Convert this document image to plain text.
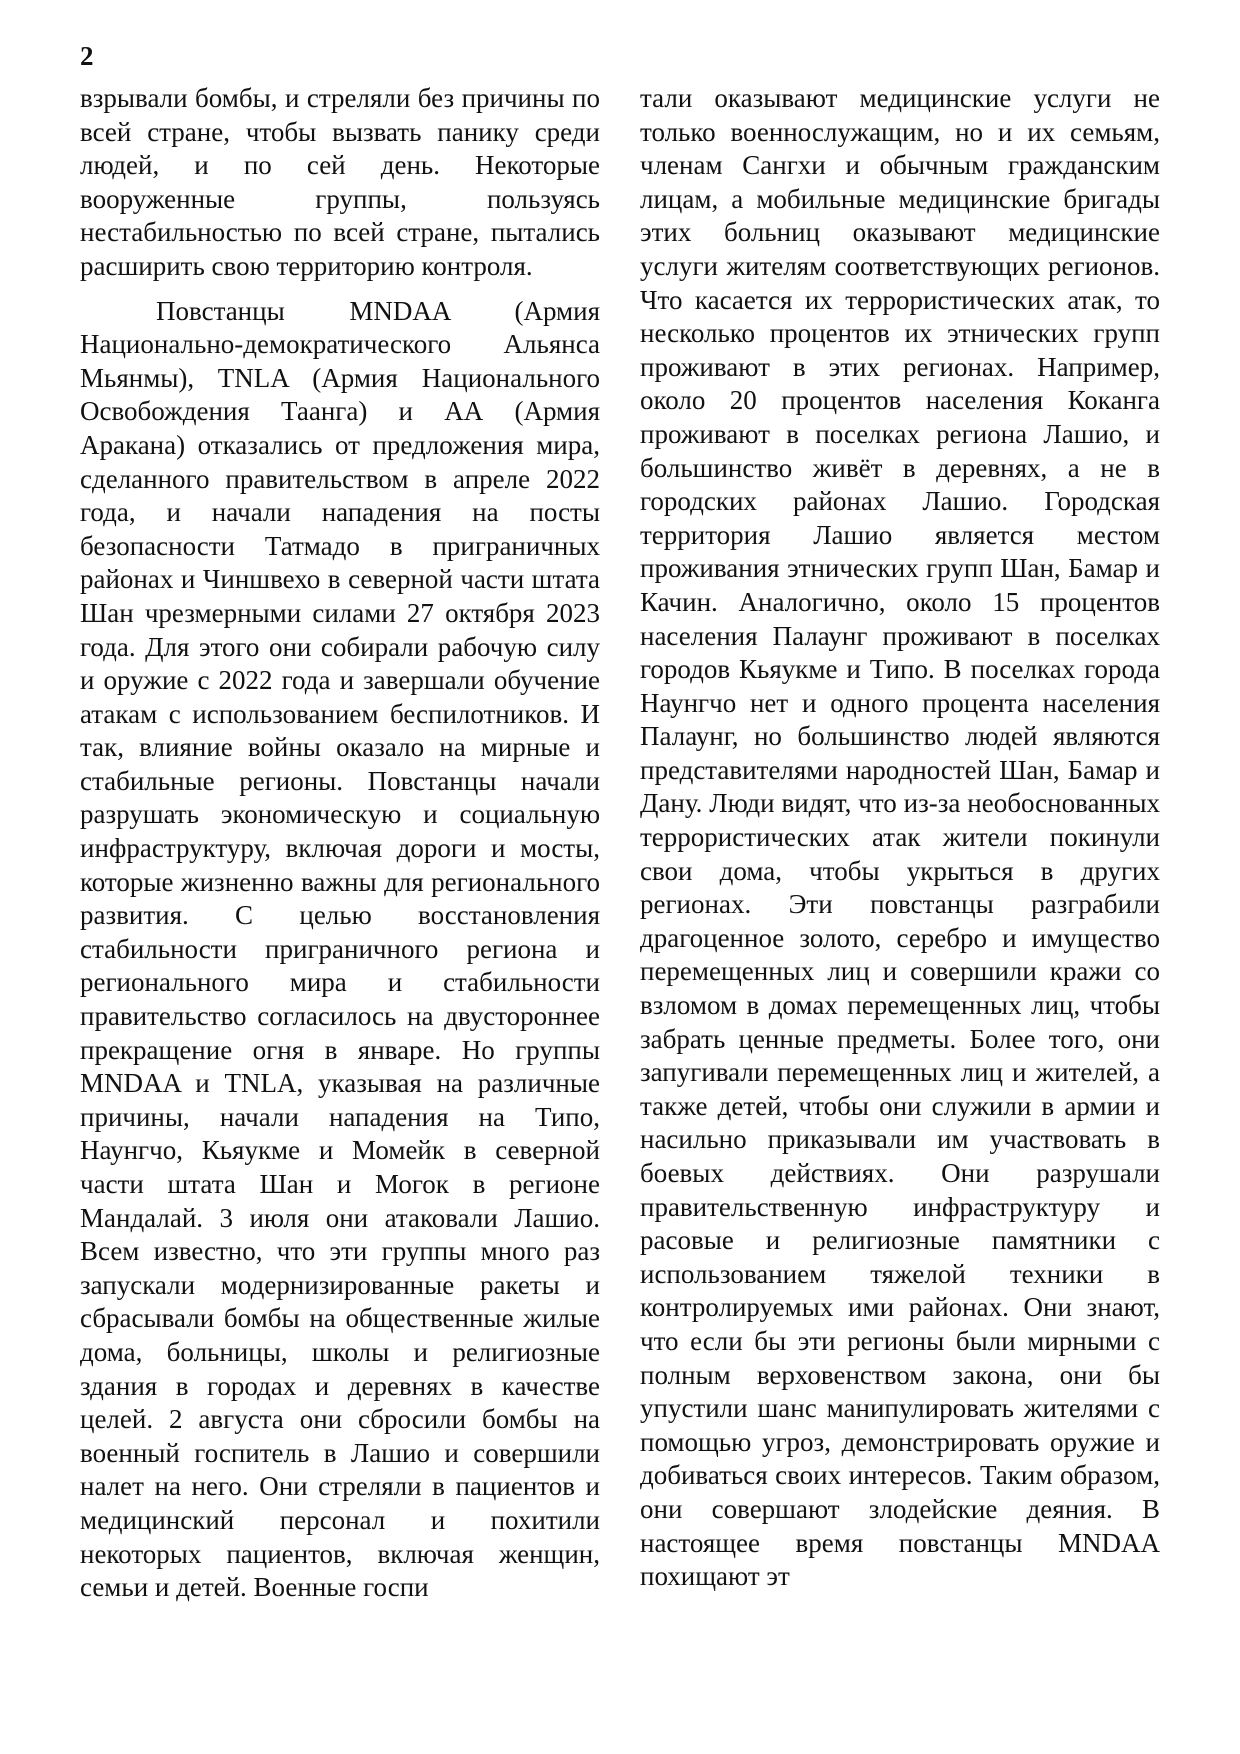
2

взрывали бомбы, и стреляли без причины по всей стране, чтобы вызвать панику среди людей, и по сей день. Некоторые вооруженные группы, пользуясь нестабильностью по всей стране, пытались расширить свою территорию контроля.

Повстанцы MNDAA (Армия Национально-демократического Альянса Мьянмы), TNLA (Армия Национального Освобождения Таанга) и АА (Армия Аракана) отказались от предложения мира, сделанного правительством в апреле 2022 года, и начали нападения на посты безопасности Татмадо в приграничных районах и Чиншвехо в северной части штата Шан чрезмерными силами 27 октября 2023 года. Для этого они собирали рабочую силу и оружие с 2022 года и завершали обучение атакам с использованием беспилотников. И так, влияние войны оказало на мирные и стабильные регионы. Повстанцы начали разрушать экономическую и социальную инфраструктуру, включая дороги и мосты, которые жизненно важны для регионального развития. С целью восстановления стабильности приграничного региона и регионального мира и стабильности правительство согласилось на двустороннее прекращение огня в январе. Но группы MNDAA и TNLA, указывая на различные причины, начали нападения на Типо, Наунгчо, Кьяукме и Момейк в северной части штата Шан и Могок в регионе Мандалай. 3 июля они атаковали Лашио. Всем известно, что эти группы много раз запускали модернизированные ракеты и сбрасывали бомбы на общественные жилые дома, больницы, школы и религиозные здания в городах и деревнях в качестве целей. 2 августа они сбросили бомбы на военный госпитель в Лашио и совершили налет на него. Они стреляли в пациентов и медицинский персонал и похитили некоторых пациентов, включая женщин, семьи и детей. Военные госпи

тали оказывают медицинские услуги не только военнослужащим, но и их семьям, членам Сангхи и обычным гражданским лицам, а мобильные медицинские бригады этих больниц оказывают медицинские услуги жителям соответствующих регионов. Что касается их террористических атак, то несколько процентов их этнических групп проживают в этих регионах. Например, около 20 процентов населения Коканга проживают в поселках региона Лашио, и большинство живёт в деревнях, а не в городских районах Лашио. Городская территория Лашио является местом проживания этнических групп Шан, Бамар и Качин. Аналогично, около 15 процентов населения Палаунг проживают в поселках городов Кьяукме и Типо. В поселках города Наунгчо нет и одного процента населения Палаунг, но большинство людей являются представителями народностей Шан, Бамар и Дану. Люди видят, что из-за необоснованных террористических атак жители покинули свои дома, чтобы укрыться в других регионах. Эти повстанцы разграбили драгоценное золото, серебро и имущество перемещенных лиц и совершили кражи со взломом в домах перемещенных лиц, чтобы забрать ценные предметы. Более того, они запугивали перемещенных лиц и жителей, а также детей, чтобы они служили в армии и насильно приказывали им участвовать в боевых действиях. Они разрушали правительственную инфраструктуру и расовые и религиозные памятники с использованием тяжелой техники в контролируемых ими районах. Они знают, что если бы эти регионы были мирными с полным верховенством закона, они бы упустили шанс манипулировать жителями с помощью угроз, демонстрировать оружие и добиваться своих интересов. Таким образом, они совершают злодейские деяния. В настоящее время повстанцы MNDAA похищают эт
